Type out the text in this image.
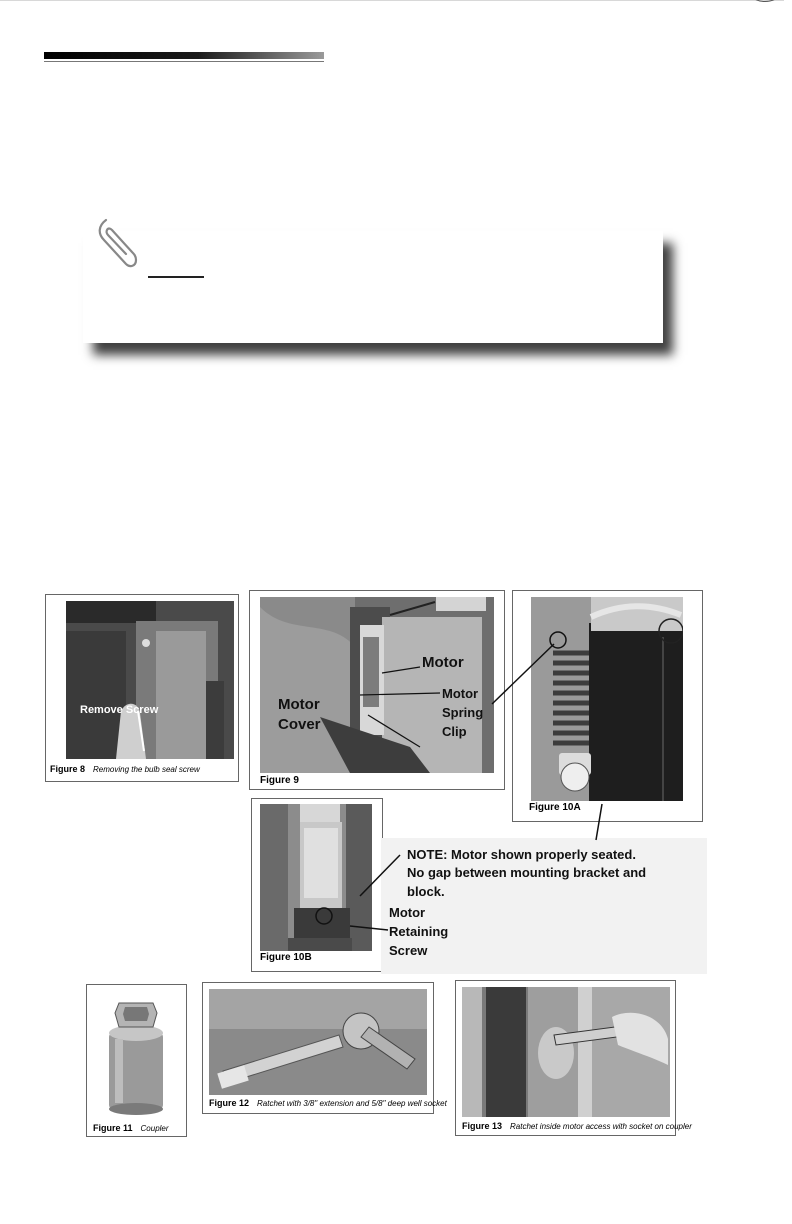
Remove Screw
Figure 8 Removing the bulb seal screw
Motor
Motor
Cover
Motor
Spring
Clip
Figure 9
Figure 10A
Figure 10B
NOTE: Motor shown properly seated.
No gap between mounting bracket and
block.
Motor
Retaining
Screw
Figure 11 Coupler
Figure 12 Ratchet with 3/8" extension and 5/8" deep well socket
Figure 13 Ratchet inside motor access with socket on coupler
